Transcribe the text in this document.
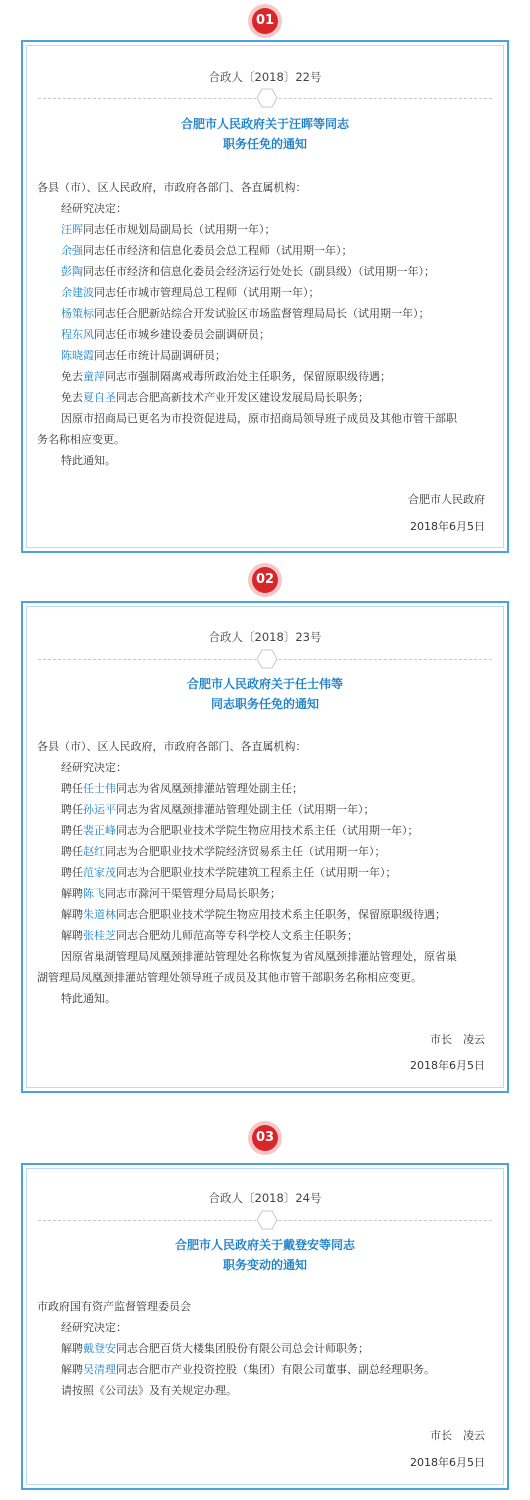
01
合政人〔2018〕22号
合肥市人民政府关于汪晖等同志
职务任免的通知
各县（市）、区人民政府，市政府各部门、各直属机构：
经研究决定：
汪晖同志任市规划局副局长（试用期一年）；
余强同志任市经济和信息化委员会总工程师（试用期一年）；
彭陶同志任市经济和信息化委员会经济运行处处长（副县级）（试用期一年）；
余建波同志任市城市管理局总工程师（试用期一年）；
杨策标同志任合肥新站综合开发试验区市场监督管理局局长（试用期一年）；
程东风同志任市城乡建设委员会副调研员；
陈晓霞同志任市统计局副调研员；
免去童萍同志市强制隔离戒毒所政治处主任职务，保留原职级待遇；
免去夏自圣同志合肥高新技术产业开发区建设发展局局长职务；
因原市招商局已更名为市投资促进局，原市招商局领导班子成员及其他市管干部职
务名称相应变更。
特此通知。
合肥市人民政府
2018年6月5日
02
合政人〔2018〕23号
合肥市人民政府关于任士伟等
同志职务任免的通知
各县（市）、区人民政府，市政府各部门、各直属机构：
经研究决定：
聘任任士伟同志为省凤凰颈排灌站管理处副主任；
聘任孙运平同志为省凤凰颈排灌站管理处副主任（试用期一年）；
聘任裴正峰同志为合肥职业技术学院生物应用技术系主任（试用期一年）；
聘任赵红同志为合肥职业技术学院经济贸易系主任（试用期一年）；
聘任范家茂同志为合肥职业技术学院建筑工程系主任（试用期一年）；
解聘陈飞同志市滁河干渠管理分局局长职务；
解聘朱道林同志合肥职业技术学院生物应用技术系主任职务，保留原职级待遇；
解聘张桂芝同志合肥幼儿师范高等专科学校人文系主任职务；
因原省巢湖管理局凤凰颈排灌站管理处名称恢复为省凤凰颈排灌站管理处，原省巢
湖管理局凤凰颈排灌站管理处领导班子成员及其他市管干部职务名称相应变更。
特此通知。
市长　凌云
2018年6月5日
03
合政人〔2018〕24号
合肥市人民政府关于戴登安等同志
职务变动的通知
市政府国有资产监督管理委员会
经研究决定：
解聘戴登安同志合肥百货大楼集团股份有限公司总会计师职务；
解聘吴清理同志合肥市产业投资控股（集团）有限公司董事、副总经理职务。
请按照《公司法》及有关规定办理。
市长　凌云
2018年6月5日
